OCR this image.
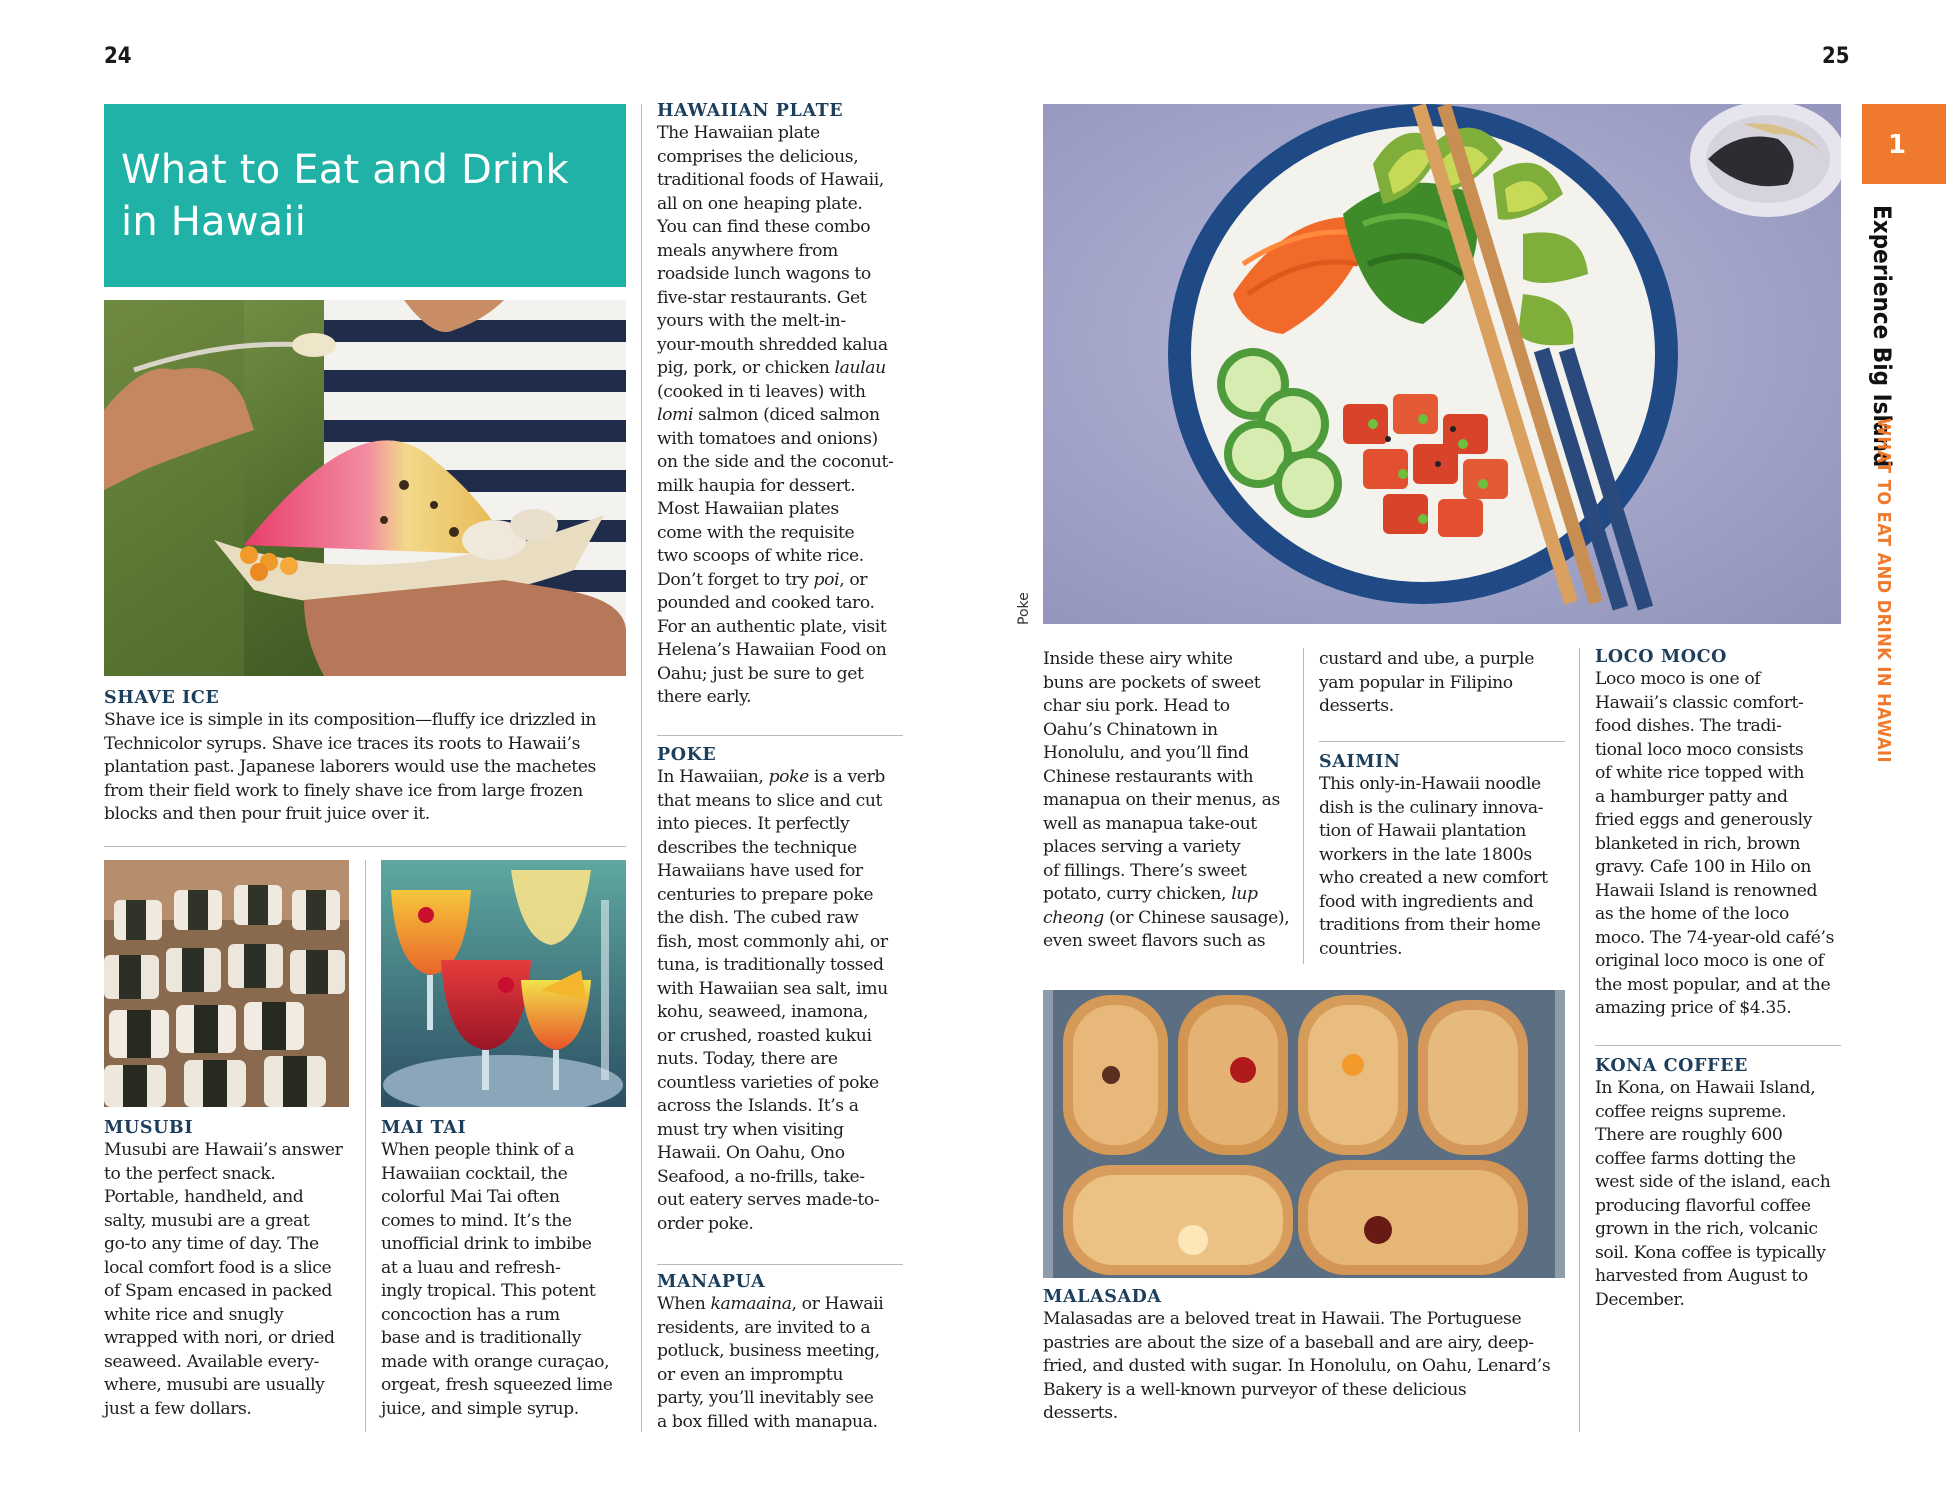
24	25
What to Eat and Drink
in Hawaii
SHAVE ICE
Shave ice is simple in its composition—fluffy ice drizzled in
Technicolor syrups. Shave ice traces its roots to Hawaii’s
plantation past. Japanese laborers would use the machetes
from their field work to finely shave ice from large frozen
blocks and then pour fruit juice over it.
MUSUBI
Musubi are Hawaii’s answer
to the perfect snack.
Portable, handheld, and
salty, musubi are a great
go-to any time of day. The
local comfort food is a slice
of Spam encased in packed
white rice and snugly
wrapped with nori, or dried
seaweed. Available every-
where, musubi are usually
just a few dollars.
MAI TAI
When people think of a
Hawaiian cocktail, the
colorful Mai Tai often
comes to mind. It’s the
unofficial drink to imbibe
at a luau and refresh-
ingly tropical. This potent
concoction has a rum
base and is traditionally
made with orange curaçao,
orgeat, fresh squeezed lime
juice, and simple syrup.
HAWAIIAN PLATE
The Hawaiian plate
comprises the delicious,
traditional foods of Hawaii,
all on one heaping plate.
You can find these combo
meals anywhere from
roadside lunch wagons to
five-star restaurants. Get
yours with the melt-in-
your-mouth shredded kalua
pig, pork, or chicken laulau
(cooked in ti leaves) with
lomi salmon (diced salmon
with tomatoes and onions)
on the side and the coconut-
milk haupia for dessert.
Most Hawaiian plates
come with the requisite
two scoops of white rice.
Don’t forget to try poi, or
pounded and cooked taro.
For an authentic plate, visit
Helena’s Hawaiian Food on
Oahu; just be sure to get
there early.
POKE
In Hawaiian, poke is a verb
that means to slice and cut
into pieces. It perfectly
describes the technique
Hawaiians have used for
centuries to prepare poke
the dish. The cubed raw
fish, most commonly ahi, or
tuna, is traditionally tossed
with Hawaiian sea salt, imu
kohu, seaweed, inamona,
or crushed, roasted kukui
nuts. Today, there are
countless varieties of poke
across the Islands. It’s a
must try when visiting
Hawaii. On Oahu, Ono
Seafood, a no-frills, take-
out eatery serves made-to-
order poke.
MANAPUA
When kamaaina, or Hawaii
residents, are invited to a
potluck, business meeting,
or even an impromptu
party, you’ll inevitably see
a box filled with manapua.
Poke
Inside these airy white
buns are pockets of sweet
char siu pork. Head to
Oahu’s Chinatown in
Honolulu, and you’ll find
Chinese restaurants with
manapua on their menus, as
well as manapua take-out
places serving a variety
of fillings. There’s sweet
potato, curry chicken, lup
cheong (or Chinese sausage),
even sweet flavors such as
custard and ube, a purple
yam popular in Filipino
desserts.
SAIMIN
This only-in-Hawaii noodle
dish is the culinary innova-
tion of Hawaii plantation
workers in the late 1800s
who created a new comfort
food with ingredients and
traditions from their home
countries.
MALASADA
Malasadas are a beloved treat in Hawaii. The Portuguese
pastries are about the size of a baseball and are airy, deep-
fried, and dusted with sugar. In Honolulu, on Oahu, Lenard’s
Bakery is a well-known purveyor of these delicious
desserts.
LOCO MOCO
Loco moco is one of
Hawaii’s classic comfort-
food dishes. The tradi-
tional loco moco consists
of white rice topped with
a hamburger patty and
fried eggs and generously
blanketed in rich, brown
gravy. Cafe 100 in Hilo on
Hawaii Island is renowned
as the home of the loco
moco. The 74-year-old café’s
original loco moco is one of
the most popular, and at the
amazing price of $4.35.
KONA COFFEE
In Kona, on Hawaii Island,
coffee reigns supreme.
There are roughly 600
coffee farms dotting the
west side of the island, each
producing flavorful coffee
grown in the rich, volcanic
soil. Kona coffee is typically
harvested from August to
December.
1
Experience Big Island
WHAT TO EAT AND DRINK IN HAWAII
